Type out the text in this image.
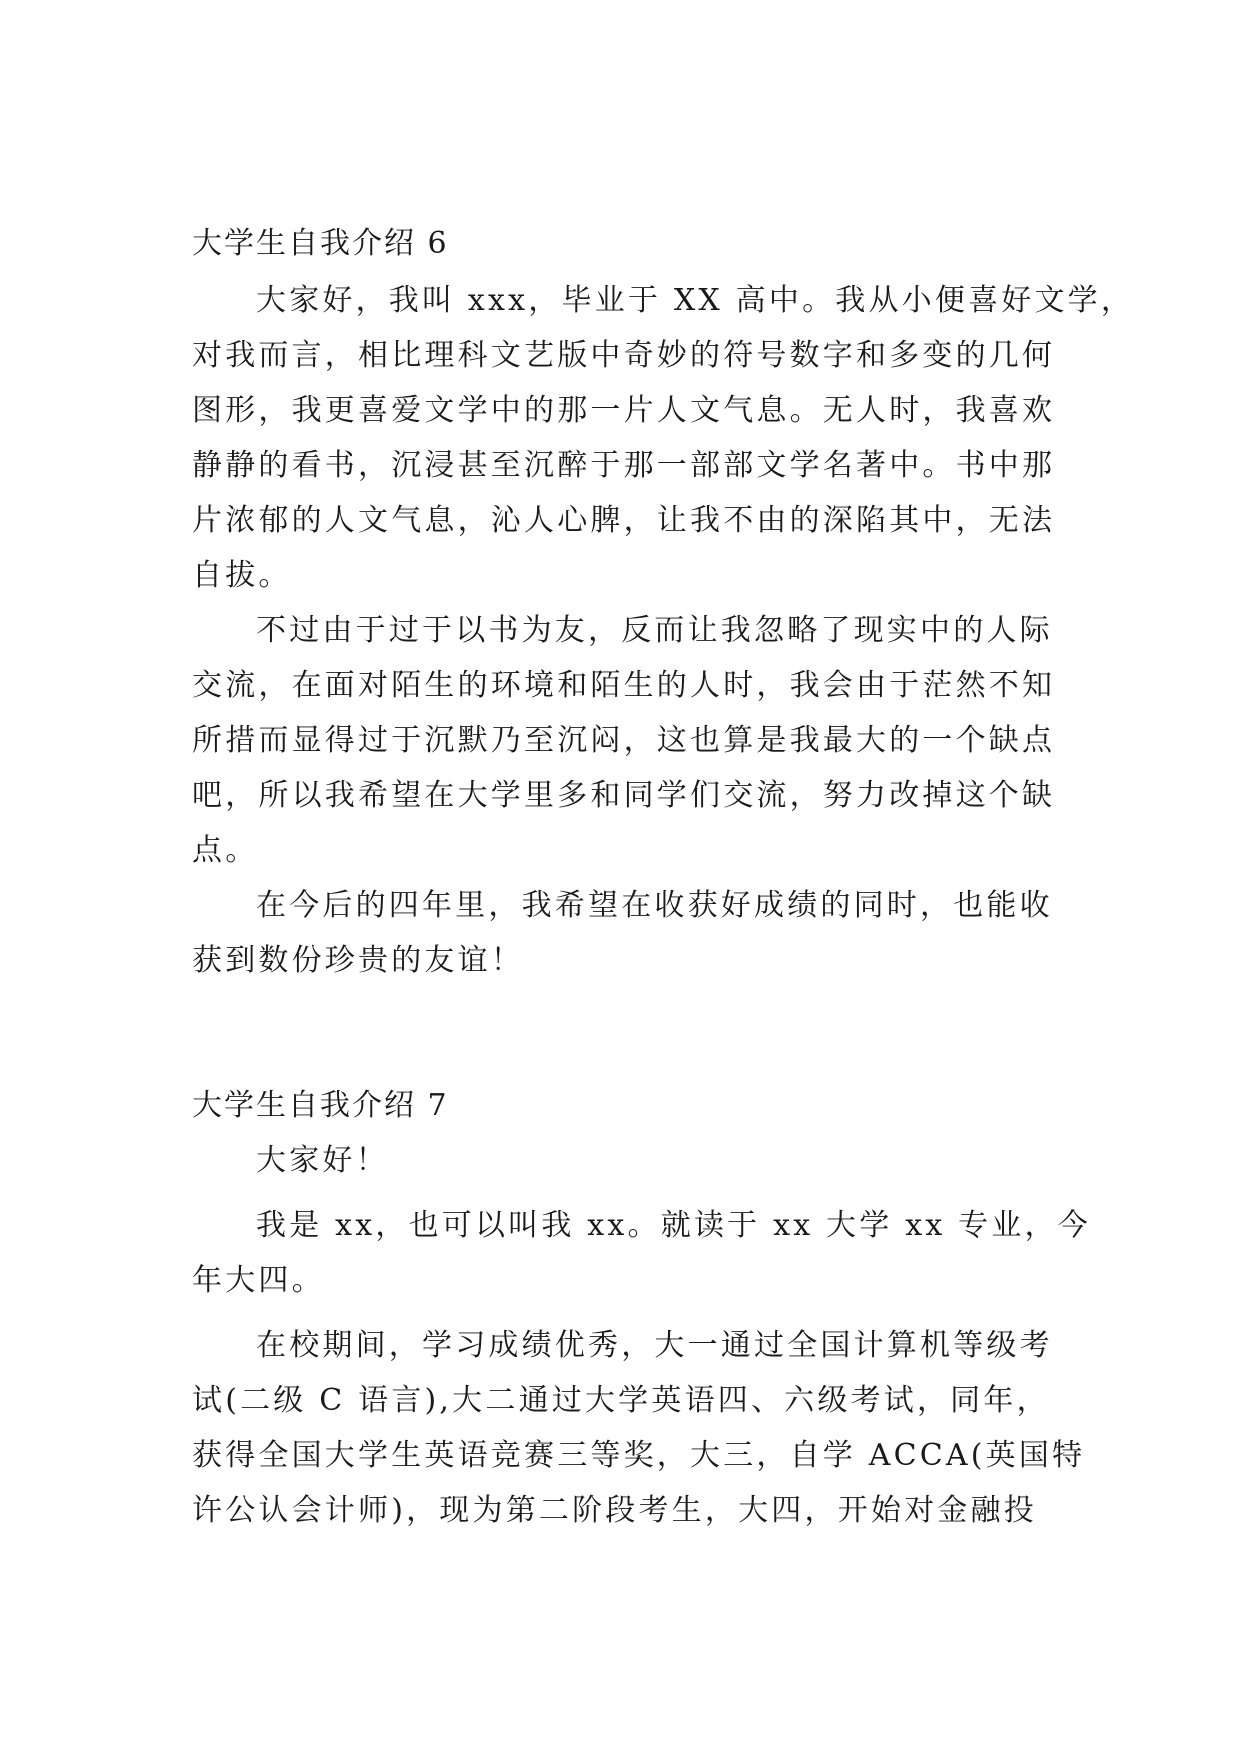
大学生自我介绍 6
大家好，我叫 xxx，毕业于 XX 高中。我从小便喜好文学，
对我而言，相比理科文艺版中奇妙的符号数字和多变的几何
图形，我更喜爱文学中的那一片人文气息。无人时，我喜欢
静静的看书，沉浸甚至沉醉于那一部部文学名著中。书中那
片浓郁的人文气息，沁人心脾，让我不由的深陷其中，无法
自拔。
不过由于过于以书为友，反而让我忽略了现实中的人际
交流，在面对陌生的环境和陌生的人时，我会由于茫然不知
所措而显得过于沉默乃至沉闷，这也算是我最大的一个缺点
吧，所以我希望在大学里多和同学们交流，努力改掉这个缺
点。
在今后的四年里，我希望在收获好成绩的同时，也能收
获到数份珍贵的友谊！
大学生自我介绍 7
大家好！
我是 xx，也可以叫我 xx。就读于 xx 大学 xx 专业，今
年大四。
在校期间，学习成绩优秀，大一通过全国计算机等级考
试(二级 C 语言),大二通过大学英语四、六级考试，同年，
获得全国大学生英语竞赛三等奖，大三，自学 ACCA(英国特
许公认会计师)，现为第二阶段考生，大四，开始对金融投
